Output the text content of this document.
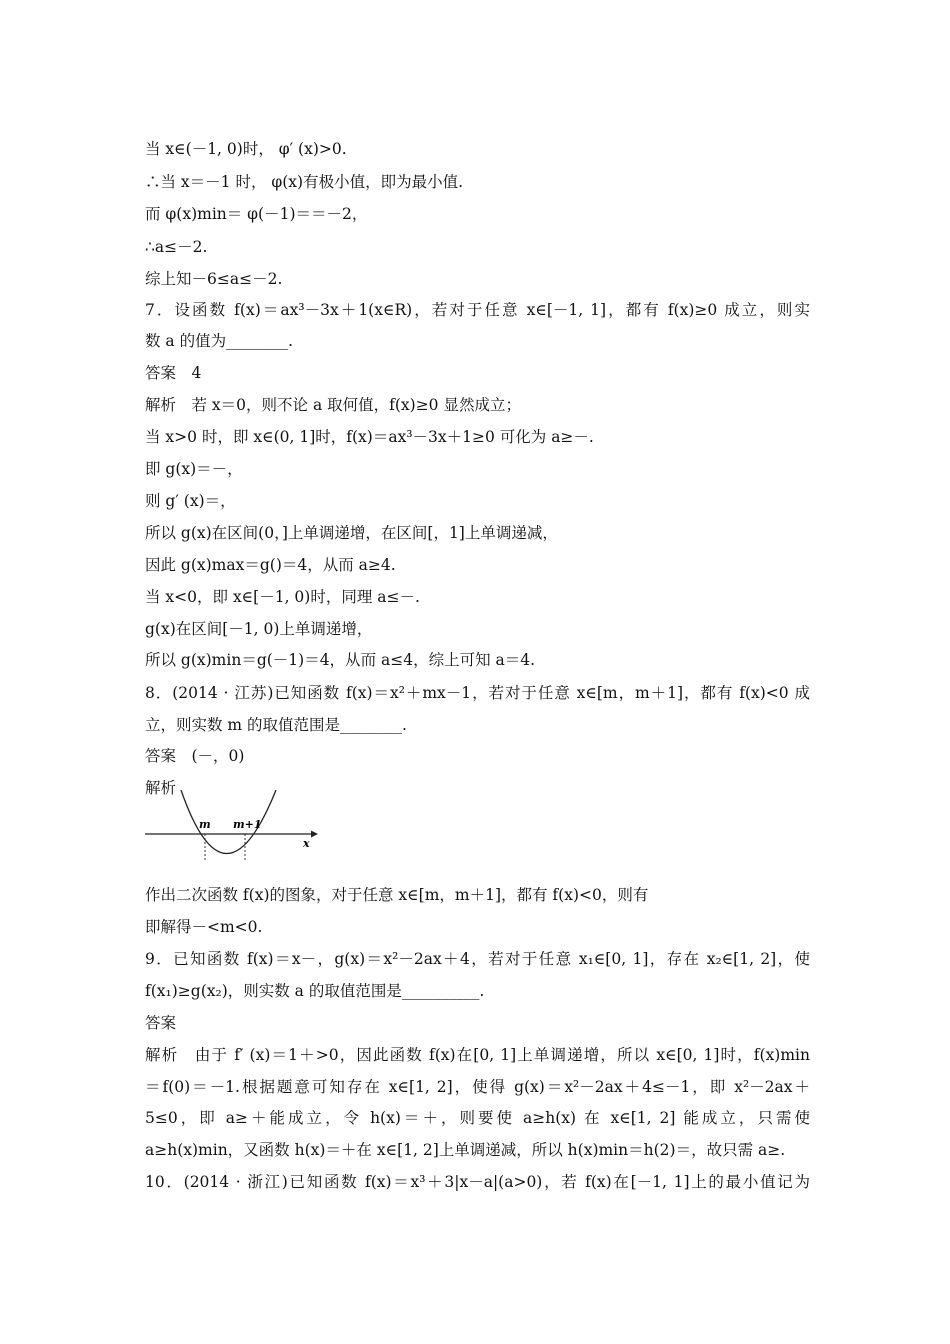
当 x∈(－1, 0)时， φ′ (x)>0.
∴当 x＝－1 时， φ(x)有极小值，即为最小值.
而 φ(x)min＝ φ(－1)＝＝－2，
∴a≤－2.
综上知－6≤a≤－2.
7．设函数 f(x)＝ax³－3x＋1(x∈R)，若对于任意 x∈[－1, 1]，都有 f(x)≥0 成立，则实
数 a 的值为________.
答案　4
解析　若 x＝0，则不论 a 取何值，f(x)≥0 显然成立；
当 x>0 时，即 x∈(0, 1]时，f(x)＝ax³－3x＋1≥0 可化为 a≥－.
即 g(x)＝－，
则 g′ (x)＝，
所以 g(x)在区间(0，]上单调递增，在区间[，1]上单调递减，
因此 g(x)max＝g()＝4，从而 a≥4.
当 x<0，即 x∈[－1, 0)时，同理 a≤－.
g(x)在区间[－1, 0)上单调递增，
所以 g(x)min＝g(－1)＝4，从而 a≤4，综上可知 a＝4.
8．(2014 · 江苏)已知函数 f(x)＝x²＋mx－1，若对于任意 x∈[m，m＋1]，都有 f(x)<0 成
立，则实数 m 的取值范围是________.
答案　(－，0)
解析
m m+1
x
作出二次函数 f(x)的图象，对于任意 x∈[m，m＋1]，都有 f(x)<0，则有
即解得－<m<0.
9．已知函数 f(x)＝x－，g(x)＝x²－2ax＋4，若对于任意 x₁∈[0, 1]，存在 x₂∈[1, 2]，使
f(x₁)≥g(x₂)，则实数 a 的取值范围是__________.
答案
解析　由于 f′ (x)＝1＋>0，因此函数 f(x)在[0, 1]上单调递增，所以 x∈[0, 1]时，f(x)min
＝f(0)＝－1.根据题意可知存在 x∈[1, 2]，使得 g(x)＝x²－2ax＋4≤－1，即 x²－2ax＋
5≤0，即 a≥＋能成立，令 h(x)＝＋，则要使 a≥h(x) 在 x∈[1, 2] 能成立，只需使
a≥h(x)min，又函数 h(x)＝＋在 x∈[1, 2]上单调递减，所以 h(x)min＝h(2)＝，故只需 a≥.
10．(2014 · 浙江)已知函数 f(x)＝x³＋3|x－a|(a>0)，若 f(x)在[－1, 1]上的最小值记为
